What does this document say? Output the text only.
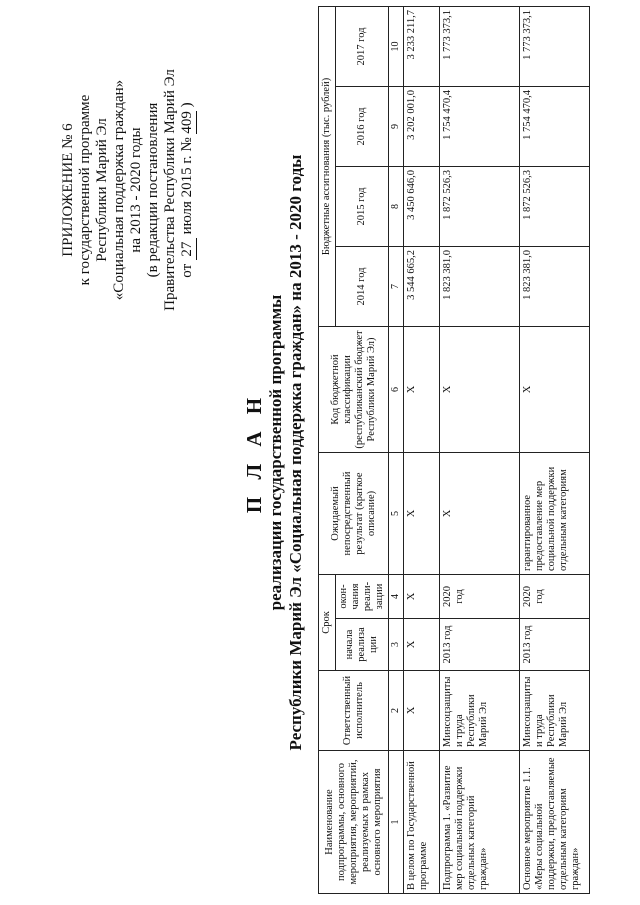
ПРИЛОЖЕНИЕ № 6 к государственной программе Республики Марий Эл «Социальная поддержка граждан» на 2013 - 2020 годы (в редакции постановления Правительства Республики Марий Эл от 27 июля 2015 г. № 409 )
П Л А Н реализации государственной программы Республики Марий Эл «Социальная поддержка граждан» на 2013 - 2020 годы
Наименование подпрограммы, основного мероприятия, мероприятий, реализуемых в рамках основного мероприятия	Ответственный исполнитель	Срок		Ожидаемый непосредственный результат (краткое описание)	Код бюджетной классификации (республиканский бюджет Республики Марий Эл)	Бюджетные ассигнования (тыс. рублей)			
		начала реализа ции	окон- чания реали- зации			2014 год	2015 год	2016 год	2017 год
1	2	3	4	5	6	7	8	9	10
В целом по Государственной программе	Х	Х	Х	Х	Х	3 544 665,2	3 450 646,0	3 202 001,0	3 233 211,7
Подпрограмма 1. «Развитие мер социальной поддержки отдельных категорий граждан»	Минсоцзащиты и труда Республики Марий Эл	2013 год	2020 год	Х	Х	1 823 381,0	1 872 526,3	1 754 470,4	1 773 373,1
Основное мероприятие 1.1. «Меры социальной поддержки, предоставляемые отдельным категориям граждан»	Минсоцзащиты и труда Республики Марий Эл	2013 год	2020 год	гарантированное предоставление мер социальной поддержки отдельным категориям	Х	1 823 381,0	1 872 526,3	1 754 470,4	1 773 373,1
